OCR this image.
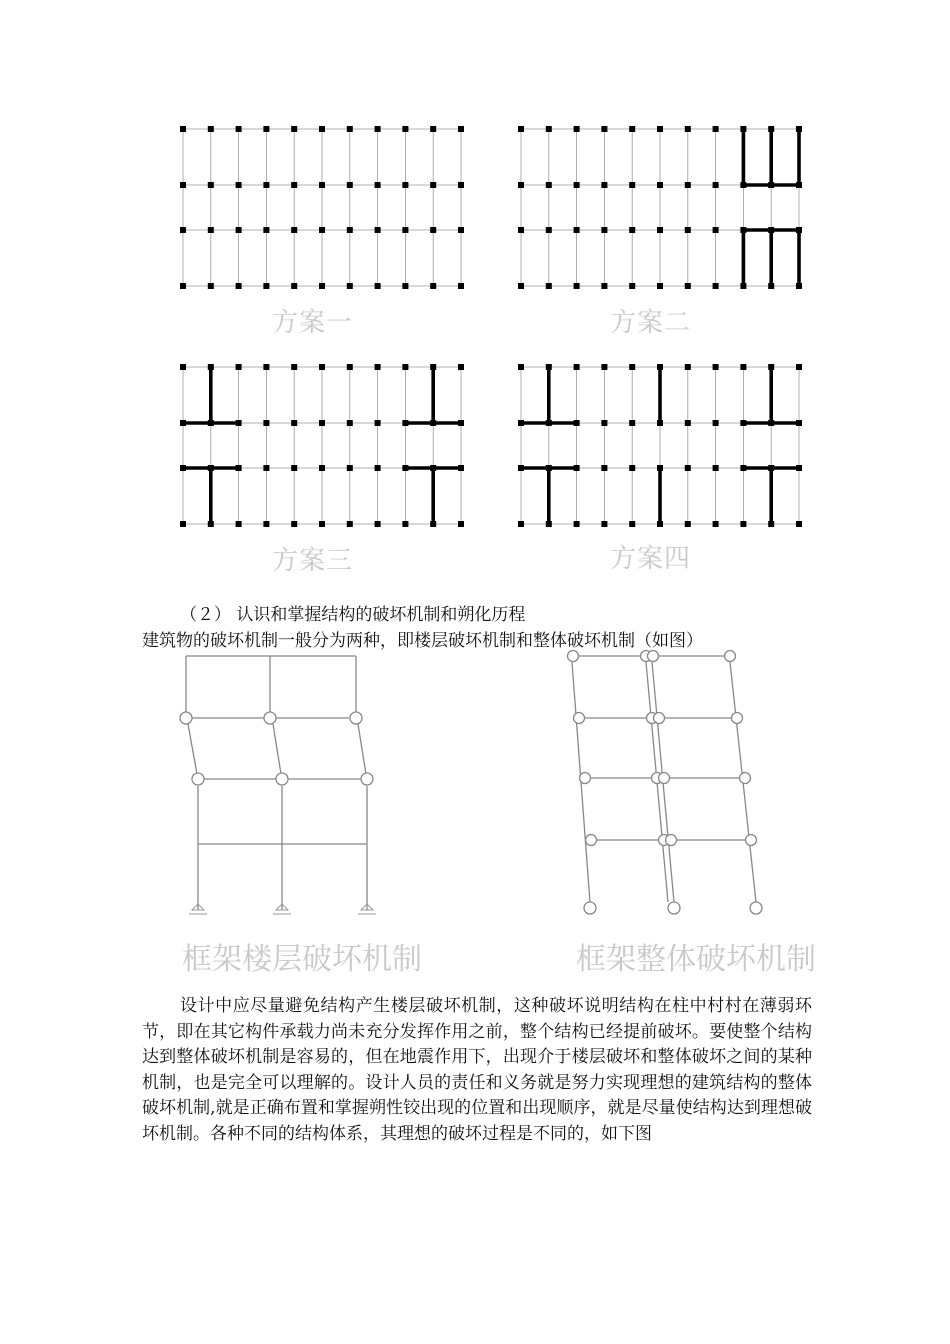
方案一	方案二
方案三	方案四
（２） 认识和掌握结构的破坏机制和朔化历程
建筑物的破坏机制一般分为两种，即楼层破坏机制和整体破坏机制（如图）
框架楼层破坏机制	框架整体破坏机制
设计中应尽量避免结构产生楼层破坏机制，这种破坏说明结构在柱中村村在薄弱环节，即在其它构件承载力尚未充分发挥作用之前，整个结构已经提前破坏。要使整个结构达到整体破坏机制是容易的，但在地震作用下，出现介于楼层破坏和整体破坏之间的某种机制，也是完全可以理解的。设计人员的责任和义务就是努力实现理想的建筑结构的整体破坏机制,就是正确布置和掌握朔性铰出现的位置和出现顺序，就是尽量使结构达到理想破坏机制。各种不同的结构体系，其理想的破坏过程是不同的，如下图
